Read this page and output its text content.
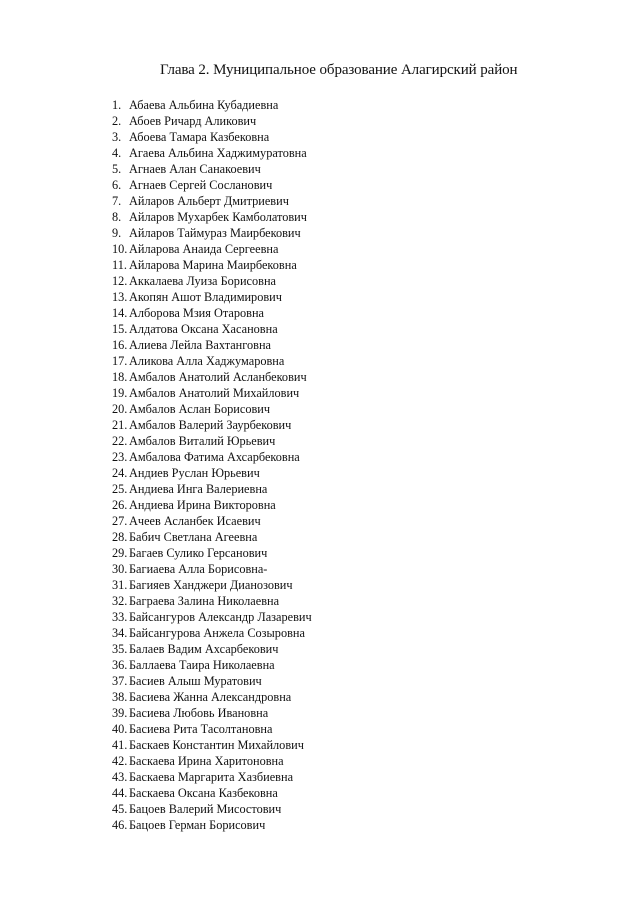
Глава 2. Муниципальное образование Алагирский район
1. Абаева Альбина Кубадиевна
2. Абоев Ричард Аликович
3. Абоева Тамара Казбековна
4. Агаева Альбина Хаджимуратовна
5. Агнаев Алан Санакоевич
6. Агнаев Сергей Сосланович
7. Айларов Альберт Дмитриевич
8. Айларов Мухарбек Камболатович
9. Айларов Таймураз Маирбекович
10. Айларова Анаида Сергеевна
11. Айларова Марина Маирбековна
12. Аккалаева Луиза Борисовна
13. Акопян Ашот Владимирович
14. Алборова Мзия Отаровна
15. Алдатова Оксана Хасановна
16. Алиева Лейла Вахтанговна
17. Аликова Алла Хаджумаровна
18. Амбалов Анатолий Асланбекович
19. Амбалов Анатолий Михайлович
20. Амбалов Аслан Борисович
21. Амбалов Валерий Заурбекович
22. Амбалов Виталий Юрьевич
23. Амбалова Фатима Ахсарбековна
24. Андиев Руслан Юрьевич
25. Андиева Инга Валериевна
26. Андиева Ирина Викторовна
27. Ачеев Асланбек Исаевич
28. Бабич Светлана Агеевна
29. Багаев Сулико Герсанович
30. Багиаева Алла Борисовна-
31. Багияев Ханджери Дианозович
32. Баграева Залина Николаевна
33. Байсангуров Александр Лазаревич
34. Байсангурова Анжела Созыровна
35. Балаев Вадим Ахсарбекович
36. Баллаева Таира Николаевна
37. Басиев Алыш Муратович
38. Басиева Жанна Александровна
39. Басиева Любовь Ивановна
40. Басиева Рита Тасолтановна
41. Баскаев Константин Михайлович
42. Баскаева Ирина Харитоновна
43. Баскаева Маргарита Хазбиевна
44. Баскаева Оксана Казбековна
45. Бацоев Валерий Мисостович
46. Бацоев Герман Борисович
